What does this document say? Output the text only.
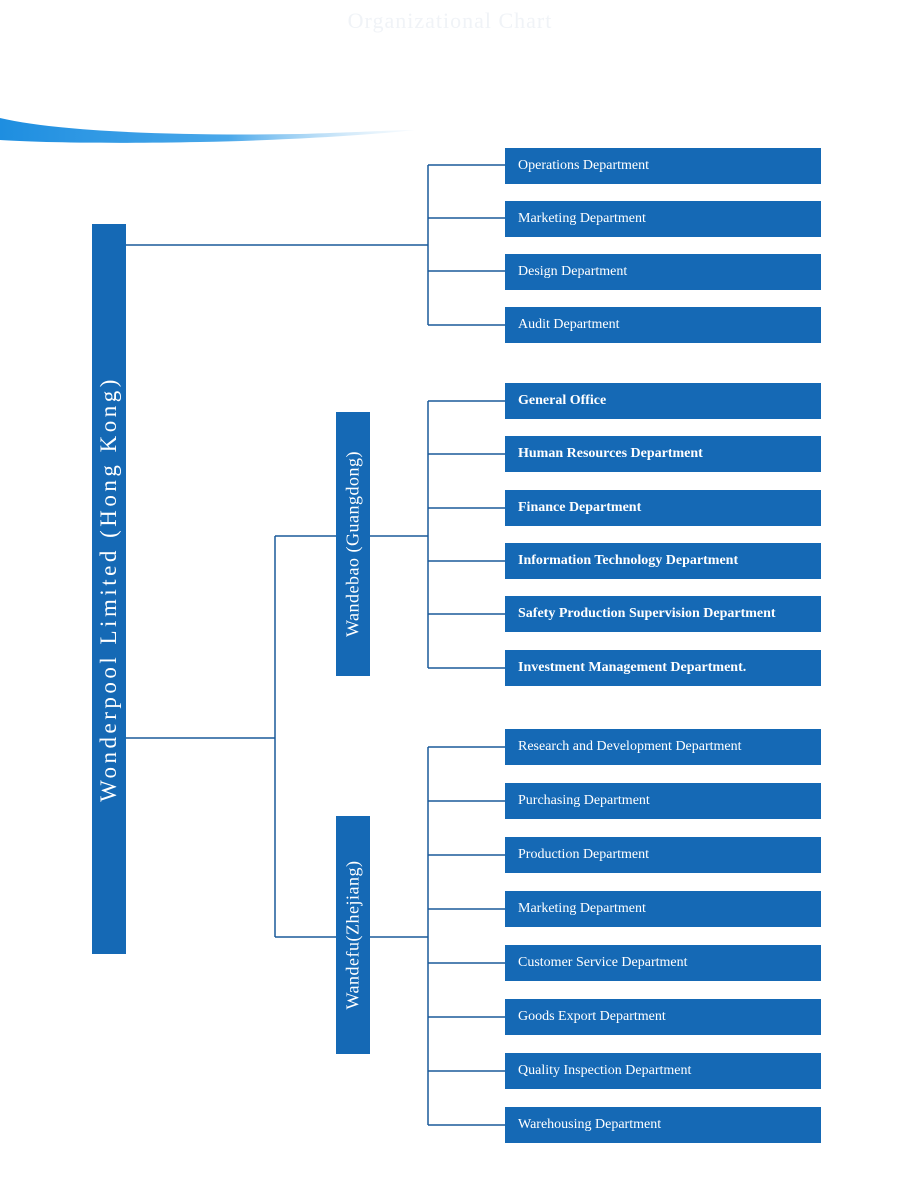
Organizational Chart
Wonderpool Limited (Hong Kong)	Wandebao (Guangdong)
Wandefu(Zhejiang)
Operations Department
Marketing Department
Design Department
Audit Department
General Office
Human Resources Department
Finance Department
Information Technology Department
Safety Production Supervision Department
Investment Management Department.
Research and Development Department
Purchasing Department
Production Department
Marketing Department
Customer Service Department
Goods Export Department
Quality Inspection Department
Warehousing Department
